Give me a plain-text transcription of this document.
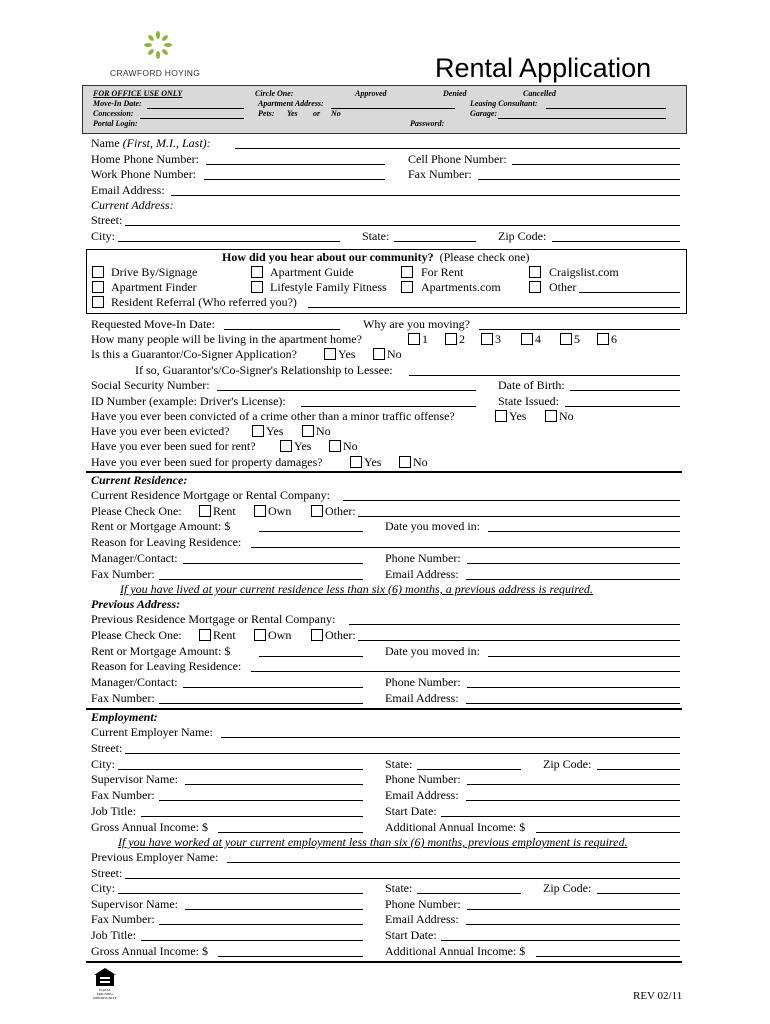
CRAWFORD HOYING	Rental Application
FOR OFFICE USE ONLY
Move-In Date:
Concession:
Portal Login:
Circle One:	Approved	Denied	Cancelled
Apartment Address:
Pets: Yes or No
Leasing Consultant:
Garage:
Password:
Name (First, M.I., Last):
Home Phone Number:	Cell Phone Number:
Work Phone Number:	Fax Number:
Email Address:
Current Address:
Street:
City:	State:	Zip Code:
How did you hear about our community? (Please check one)
Drive By/Signage	Apartment Guide	For Rent	Craigslist.com
Apartment Finder	Lifestyle Family Fitness	Apartments.com	Other
Resident Referral (Who referred you?)
Requested Move-In Date:	Why are you moving?
How many people will be living in the apartment home?	1	2	3	4	5	6
Is this a Guarantor/Co-Signer Application?	Yes	No
If so, Guarantor's/Co-Signer's Relationship to Lessee:
Social Security Number:	Date of Birth:
ID Number (example: Driver's License):	State Issued:
Have you ever been convicted of a crime other than a minor traffic offense?	Yes	No
Have you ever been evicted?	Yes	No
Have you ever been sued for rent?	Yes	No
Have you ever been sued for property damages?	Yes	No
Current Residence:
Current Residence Mortgage or Rental Company:
Please Check One:	Rent	Own	Other:
Rent or Mortgage Amount: $	Date you moved in:
Reason for Leaving Residence:
Manager/Contact:	Phone Number:
Fax Number:	Email Address:
If you have lived at your current residence less than six (6) months, a previous address is required.
Previous Address:
Previous Residence Mortgage or Rental Company:
Please Check One:	Rent	Own	Other:
Rent or Mortgage Amount: $	Date you moved in:
Reason for Leaving Residence:
Manager/Contact:	Phone Number:
Fax Number:	Email Address:
Employment:
Current Employer Name:
Street:
City:	State:	Zip Code:
Supervisor Name:	Phone Number:
Fax Number:	Email Address:
Job Title:	Start Date:
Gross Annual Income: $	Additional Annual Income: $
If you have worked at your current employment less than six (6) months, previous employment is required.
Previous Employer Name:
Street:
City:	State:	Zip Code:
Supervisor Name:	Phone Number:
Fax Number:	Email Address:
Job Title:	Start Date:
Gross Annual Income: $	Additional Annual Income: $
EQUAL HOUSING OPPORTUNITY	REV 02/11
